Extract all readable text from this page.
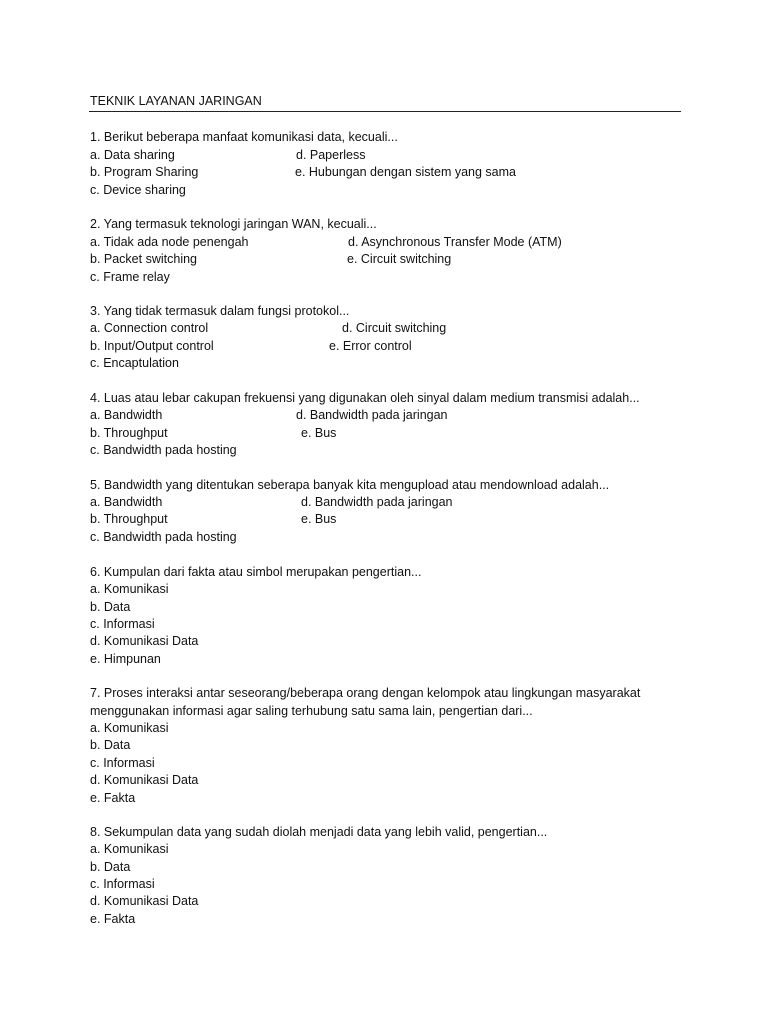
TEKNIK LAYANAN JARINGAN
1. Berikut beberapa manfaat komunikasi data, kecuali...
a. Data sharing	d. Paperless
b. Program Sharing	e. Hubungan dengan sistem yang sama
c. Device sharing
2. Yang termasuk teknologi jaringan WAN, kecuali...
a. Tidak ada node penengah	d. Asynchronous Transfer Mode (ATM)
b. Packet switching	e. Circuit switching
c. Frame relay
3. Yang tidak termasuk dalam fungsi protokol...
a. Connection control	d. Circuit switching
b. Input/Output control	e. Error control
c. Encaptulation
4. Luas atau lebar cakupan frekuensi yang digunakan oleh sinyal dalam medium transmisi adalah...
a. Bandwidth	d. Bandwidth pada jaringan
b. Throughput	e. Bus
c. Bandwidth pada hosting
5. Bandwidth yang ditentukan seberapa banyak kita mengupload atau mendownload adalah...
a. Bandwidth	d. Bandwidth pada jaringan
b. Throughput	e. Bus
c. Bandwidth pada hosting
6. Kumpulan dari fakta atau simbol merupakan pengertian...
a. Komunikasi
b. Data
c. Informasi
d. Komunikasi Data
e. Himpunan
7. Proses interaksi antar seseorang/beberapa orang dengan kelompok atau lingkungan masyarakat
menggunakan informasi agar saling terhubung satu sama lain, pengertian dari...
a. Komunikasi
b. Data
c. Informasi
d. Komunikasi Data
e. Fakta
8. Sekumpulan data yang sudah diolah menjadi data yang lebih valid, pengertian...
a. Komunikasi
b. Data
c. Informasi
d. Komunikasi Data
e. Fakta
